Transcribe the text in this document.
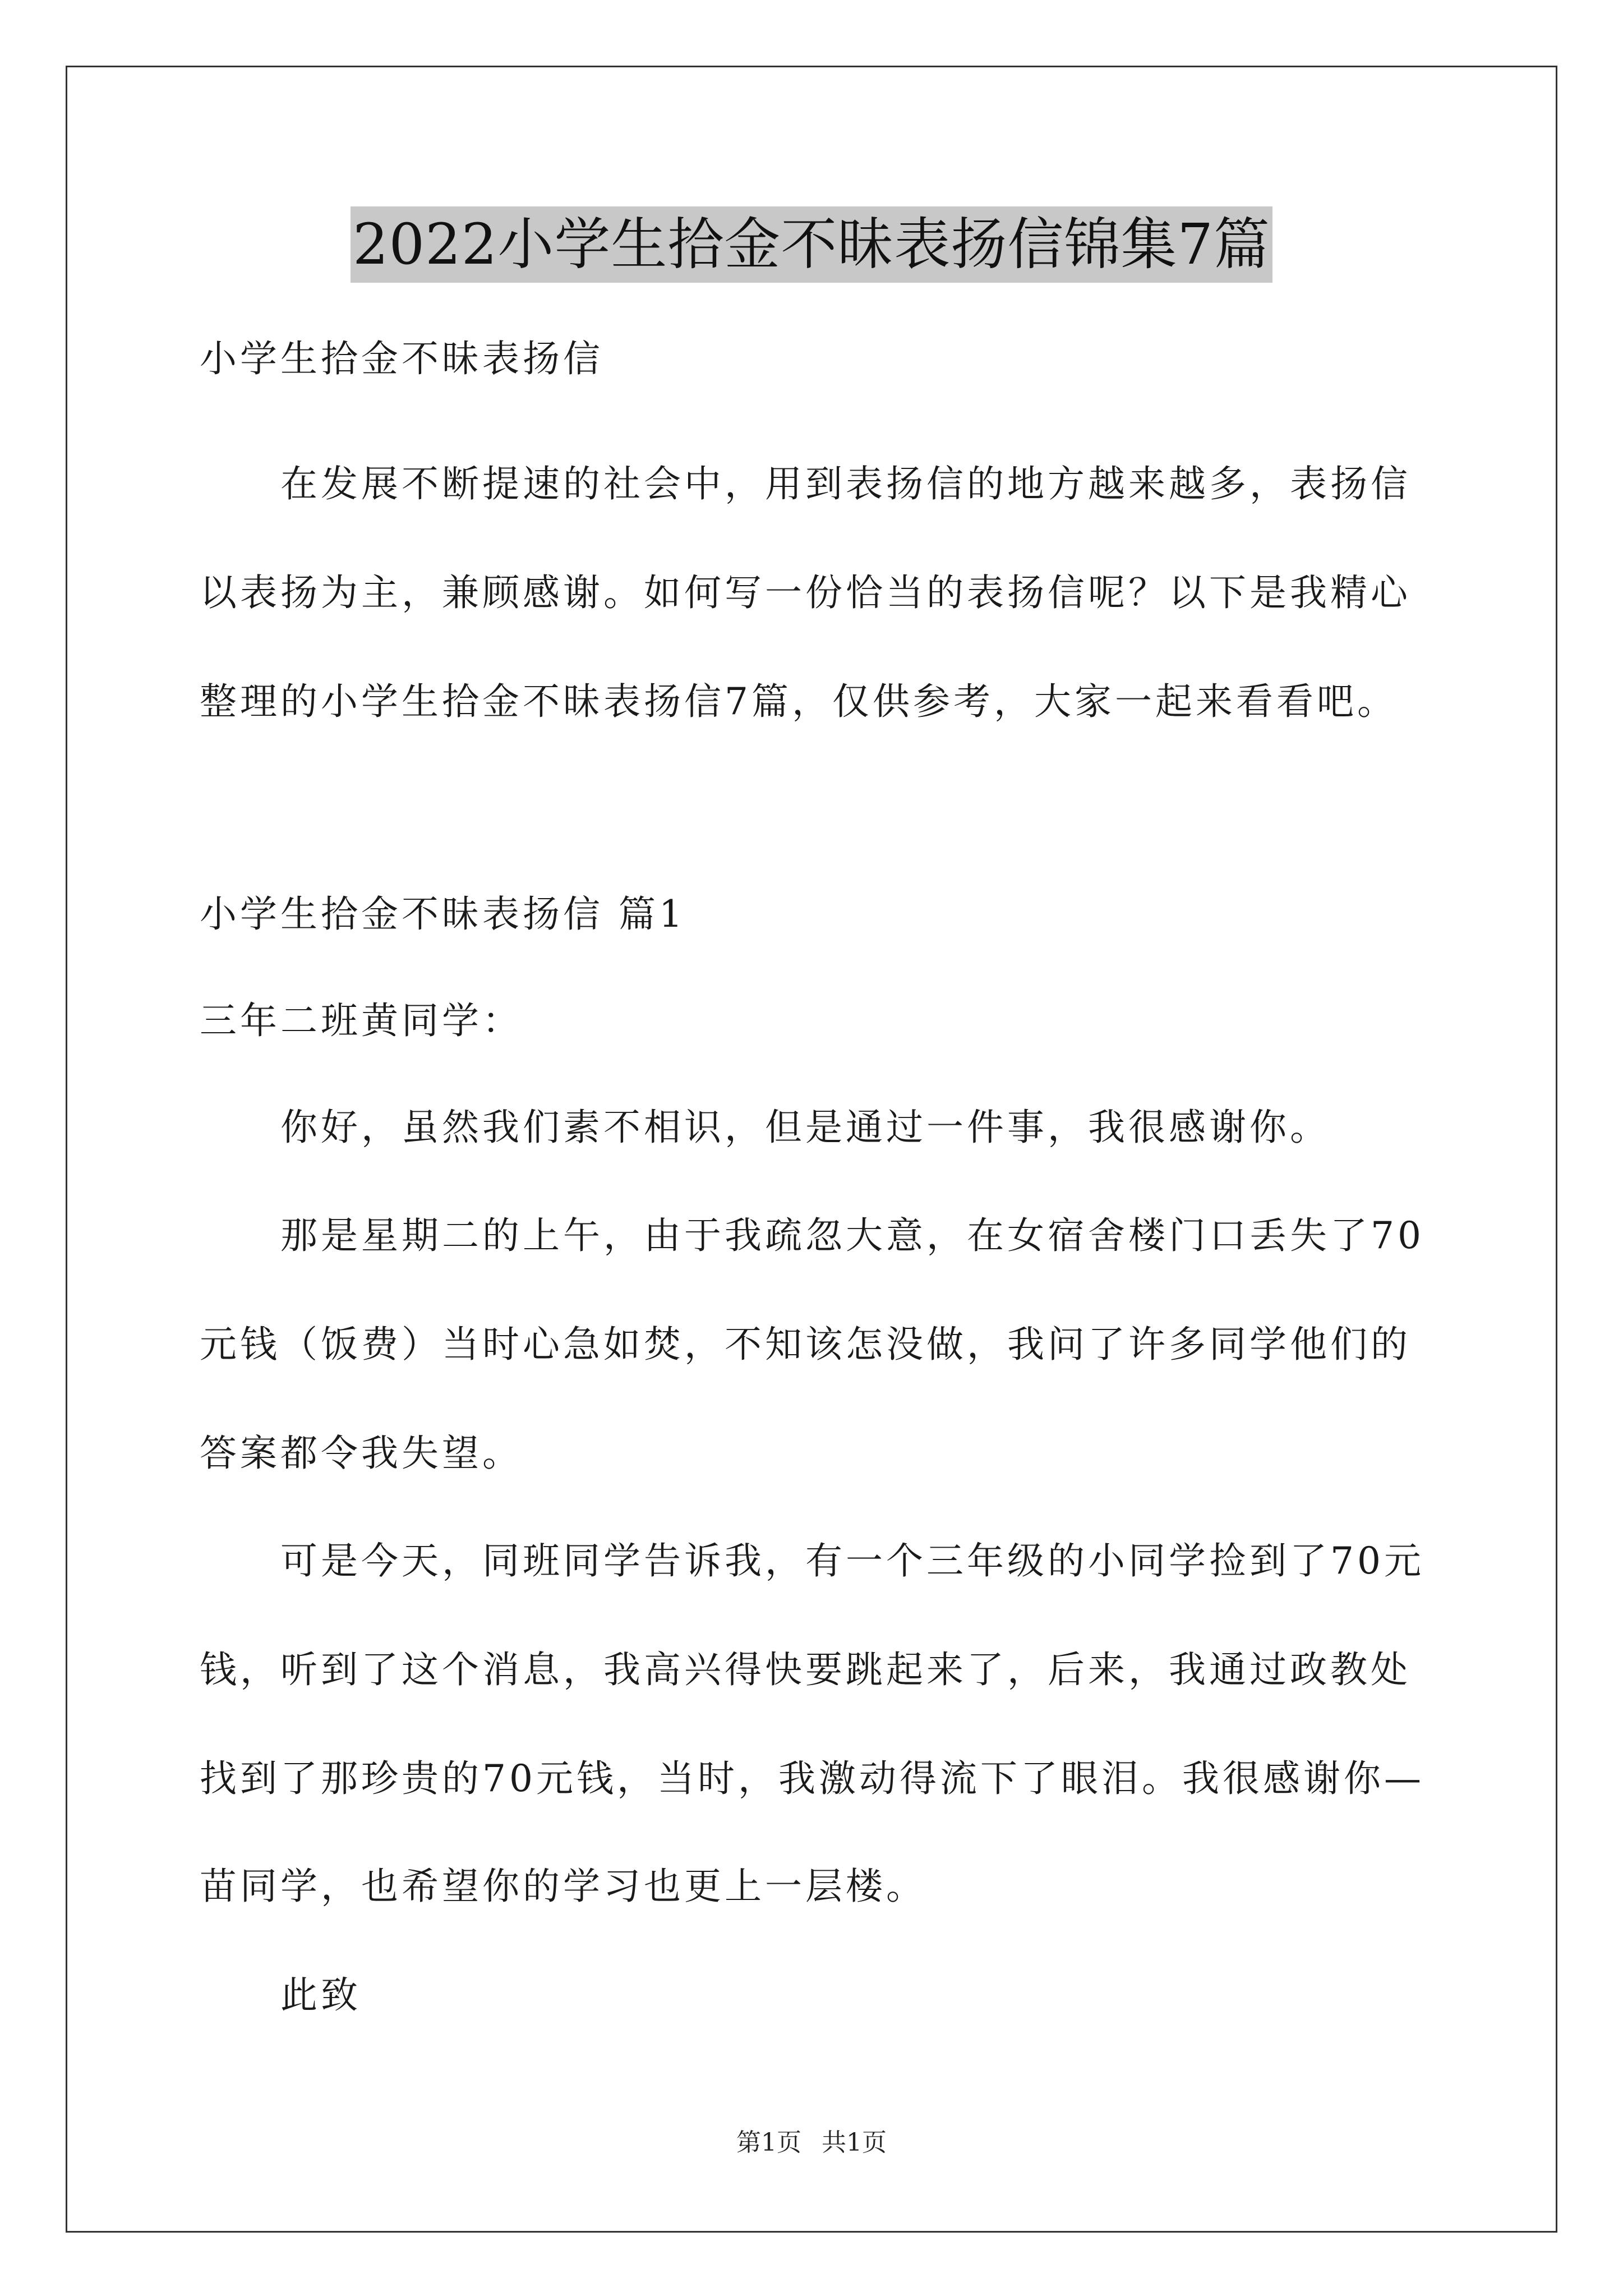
2022小学生拾金不昧表扬信锦集7篇
小学生拾金不昧表扬信
在发展不断提速的社会中，用到表扬信的地方越来越多，表扬信
以表扬为主，兼顾感谢。如何写一份恰当的表扬信呢？以下是我精心
整理的小学生拾金不昧表扬信7篇，仅供参考，大家一起来看看吧。
小学生拾金不昧表扬信 篇1
三年二班黄同学：
你好，虽然我们素不相识，但是通过一件事，我很感谢你。
那是星期二的上午，由于我疏忽大意，在女宿舍楼门口丢失了70
元钱（饭费）当时心急如焚，不知该怎没做，我问了许多同学他们的
答案都令我失望。
可是今天，同班同学告诉我，有一个三年级的小同学捡到了70元
钱，听到了这个消息，我高兴得快要跳起来了，后来，我通过政教处
找到了那珍贵的70元钱，当时，我激动得流下了眼泪。我很感谢你—
苗同学，也希望你的学习也更上一层楼。
此致
第1页 共1页
